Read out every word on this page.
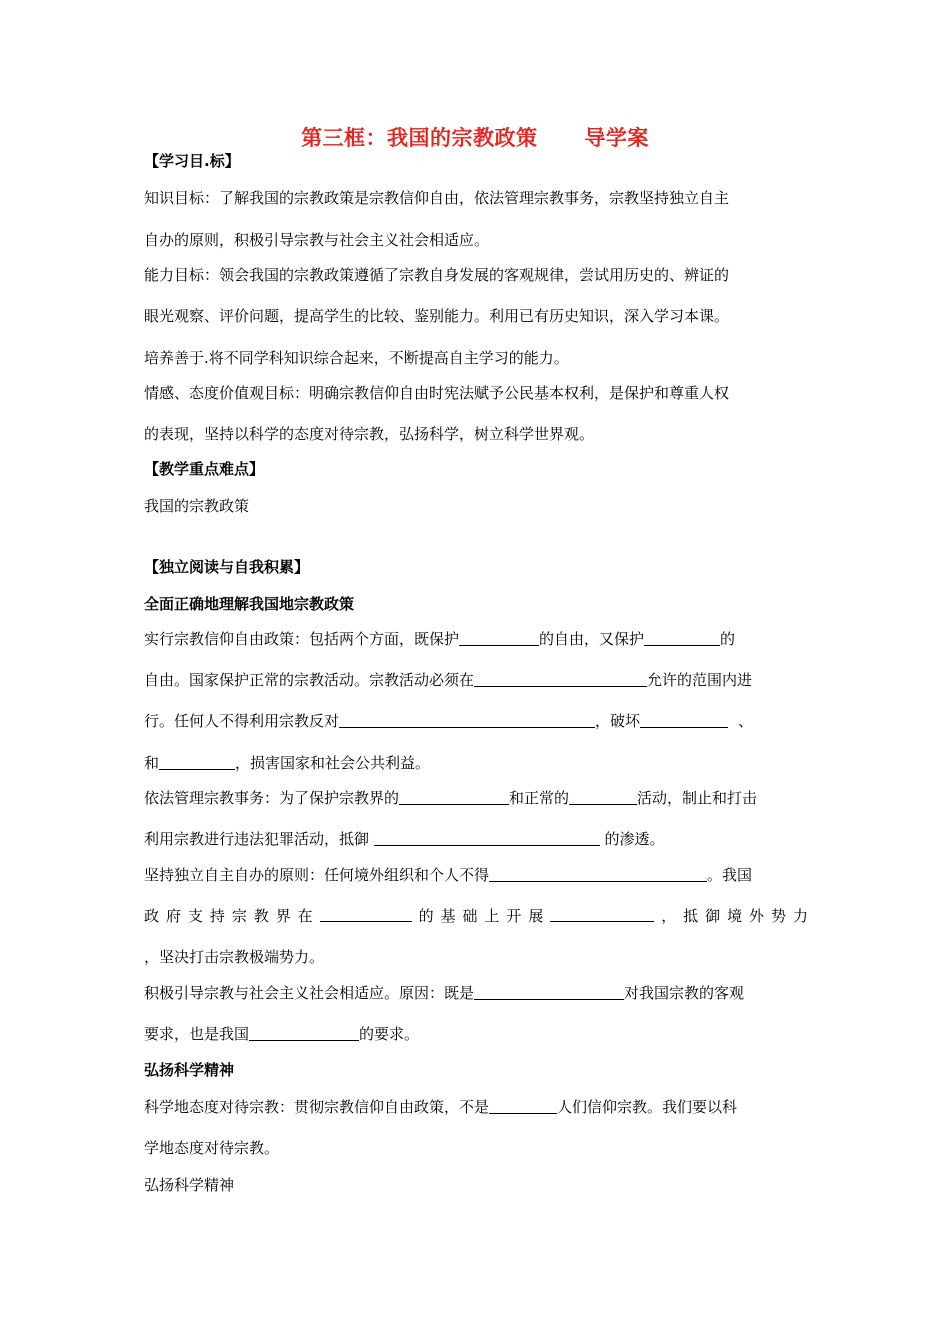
第三框：我国的宗教政策      导学案
【学习目.标】
知识目标：了解我国的宗教政策是宗教信仰自由，依法管理宗教事务，宗教坚持独立自主
自办的原则，积极引导宗教与社会主义社会相适应。
能力目标：领会我国的宗教政策遵循了宗教自身发展的客观规律，尝试用历史的、辨证的
眼光观察、评价问题，提高学生的比较、鉴别能力。利用已有历史知识，深入学习本课。
培养善于.将不同学科知识综合起来，不断提高自主学习的能力。
情感、态度价值观目标：明确宗教信仰自由时宪法赋予公民基本权利，是保护和尊重人权
的表现，坚持以科学的态度对待宗教，弘扬科学，树立科学世界观。
【教学重点难点】
我国的宗教政策
【独立阅读与自我积累】
全面正确地理解我国地宗教政策
实行宗教信仰自由政策：包括两个方面，既保护	的自由，又保护	的
自由。国家保护正常的宗教活动。宗教活动必须在	允许的范围内进
行。任何人不得利用宗教反对	，破坏	、
和	，损害国家和社会公共利益。
依法管理宗教事务：为了保护宗教界的	和正常的	活动，制止和打击
利用宗教进行违法犯罪活动，抵御	的渗透。
坚持独立自主自办的原则：任何境外组织和个人不得	。我国
政 府 支 持 宗 教 界 在	的 基 础 上 开 展	， 抵 御 境 外 势 力
，坚决打击宗教极端势力。
积极引导宗教与社会主义社会相适应。原因：既是	对我国宗教的客观
要求，也是我国	的要求。
弘扬科学精神
科学地态度对待宗教：贯彻宗教信仰自由政策，不是	人们信仰宗教。我们要以科
学地态度对待宗教。
弘扬科学精神
